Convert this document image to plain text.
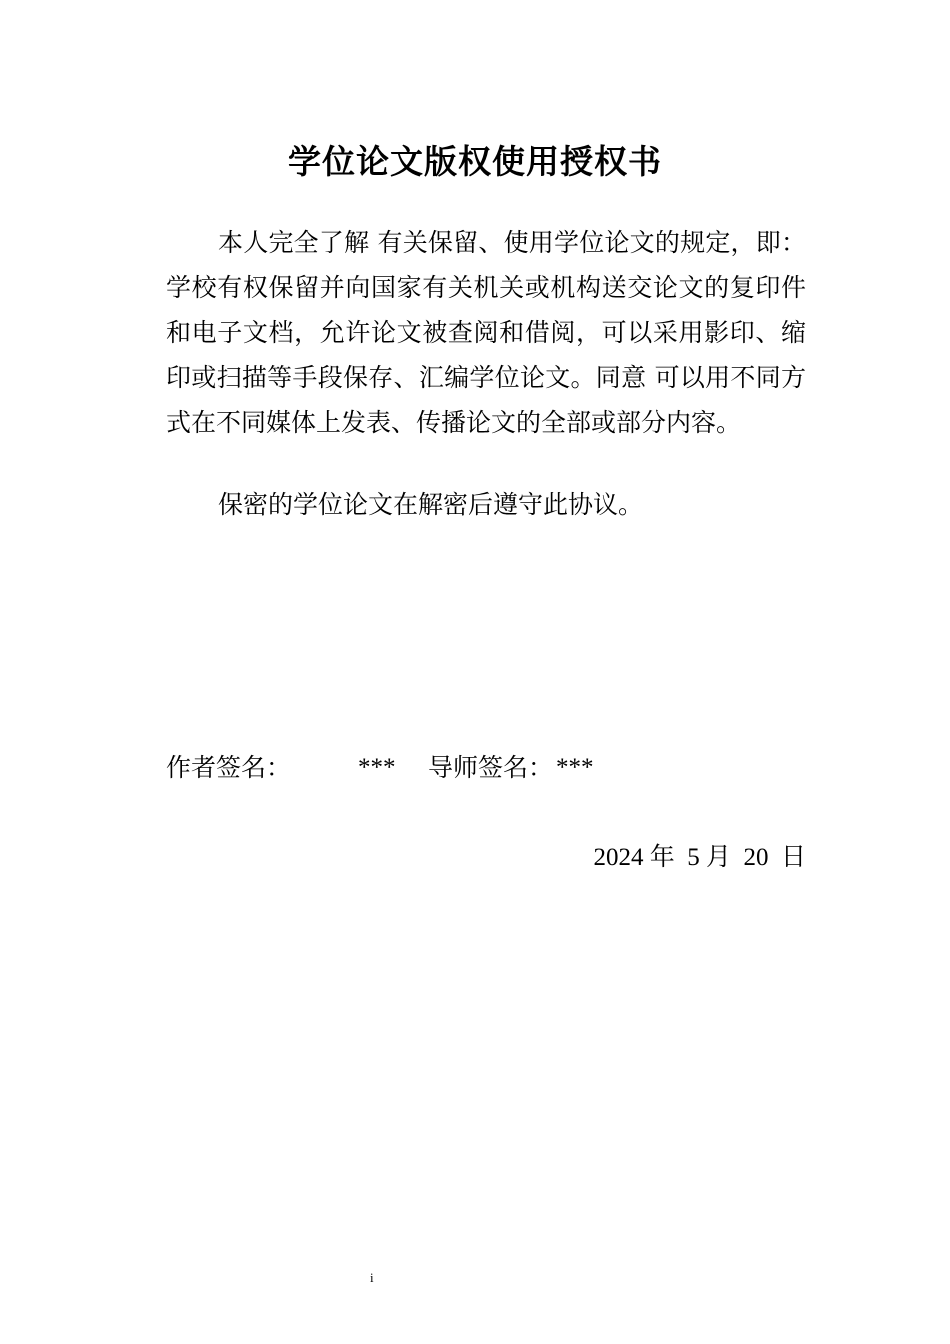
学位论文版权使用授权书

本人完全了解 有关保留、使用学位论文的规定，即：学校有权保留并向国家有关机关或机构送交论文的复印件和电子文档，允许论文被查阅和借阅，可以采用影印、缩印或扫描等手段保存、汇编学位论文。同意 可以用不同方式在不同媒体上发表、传播论文的全部或部分内容。

保密的学位论文在解密后遵守此协议。

作者签名：	*** 导师签名： ***
2024 年  5 月  20  日
i
